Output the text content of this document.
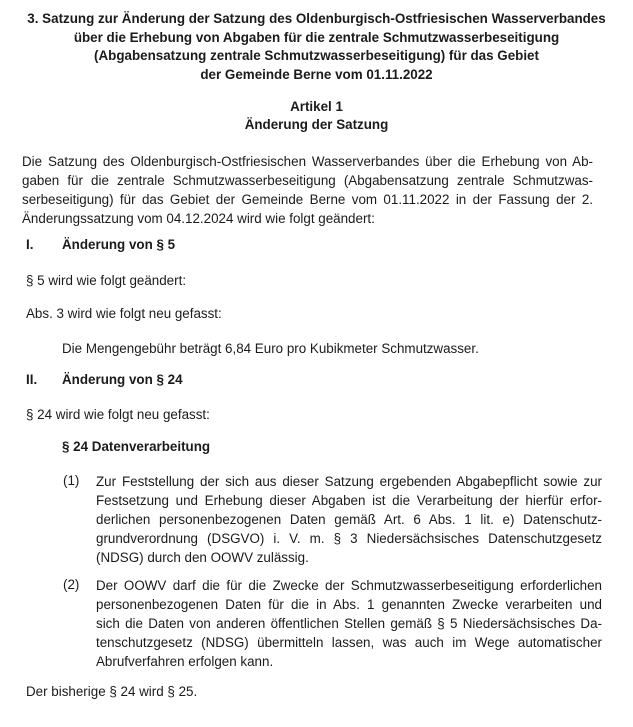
3. Satzung zur Änderung der Satzung des Oldenburgisch-Ostfriesischen Wasserverbandes
über die Erhebung von Abgaben für die zentrale Schmutzwasserbeseitigung
(Abgabensatzung zentrale Schmutzwasserbeseitigung) für das Gebiet
der Gemeinde Berne vom 01.11.2022
Artikel 1
Änderung der Satzung
Die Satzung des Oldenburgisch-Ostfriesischen Wasserverbandes über die Erhebung von Ab-
gaben für die zentrale Schmutzwasserbeseitigung (Abgabensatzung zentrale Schmutzwas-
serbeseitigung) für das Gebiet der Gemeinde Berne vom 01.11.2022 in der Fassung der 2.
Änderungssatzung vom 04.12.2024 wird wie folgt geändert:
I. Änderung von § 5
§ 5 wird wie folgt geändert:
Abs. 3 wird wie folgt neu gefasst:
Die Mengengebühr beträgt 6,84 Euro pro Kubikmeter Schmutzwasser.
II. Änderung von § 24
§ 24 wird wie folgt neu gefasst:
§ 24 Datenverarbeitung
(1) Zur Feststellung der sich aus dieser Satzung ergebenden Abgabepflicht sowie zur
Festsetzung und Erhebung dieser Abgaben ist die Verarbeitung der hierfür erfor-
derlichen personenbezogenen Daten gemäß Art. 6 Abs. 1 lit. e) Datenschutz-
grundverordnung (DSGVO) i. V. m. § 3 Niedersächsisches Datenschutzgesetz
(NDSG) durch den OOWV zulässig.
(2) Der OOWV darf die für die Zwecke der Schmutzwasserbeseitigung erforderlichen
personenbezogenen Daten für die in Abs. 1 genannten Zwecke verarbeiten und
sich die Daten von anderen öffentlichen Stellen gemäß § 5 Niedersächsisches Da-
tenschutzgesetz (NDSG) übermitteln lassen, was auch im Wege automatischer
Abrufverfahren erfolgen kann.
Der bisherige § 24 wird § 25.
